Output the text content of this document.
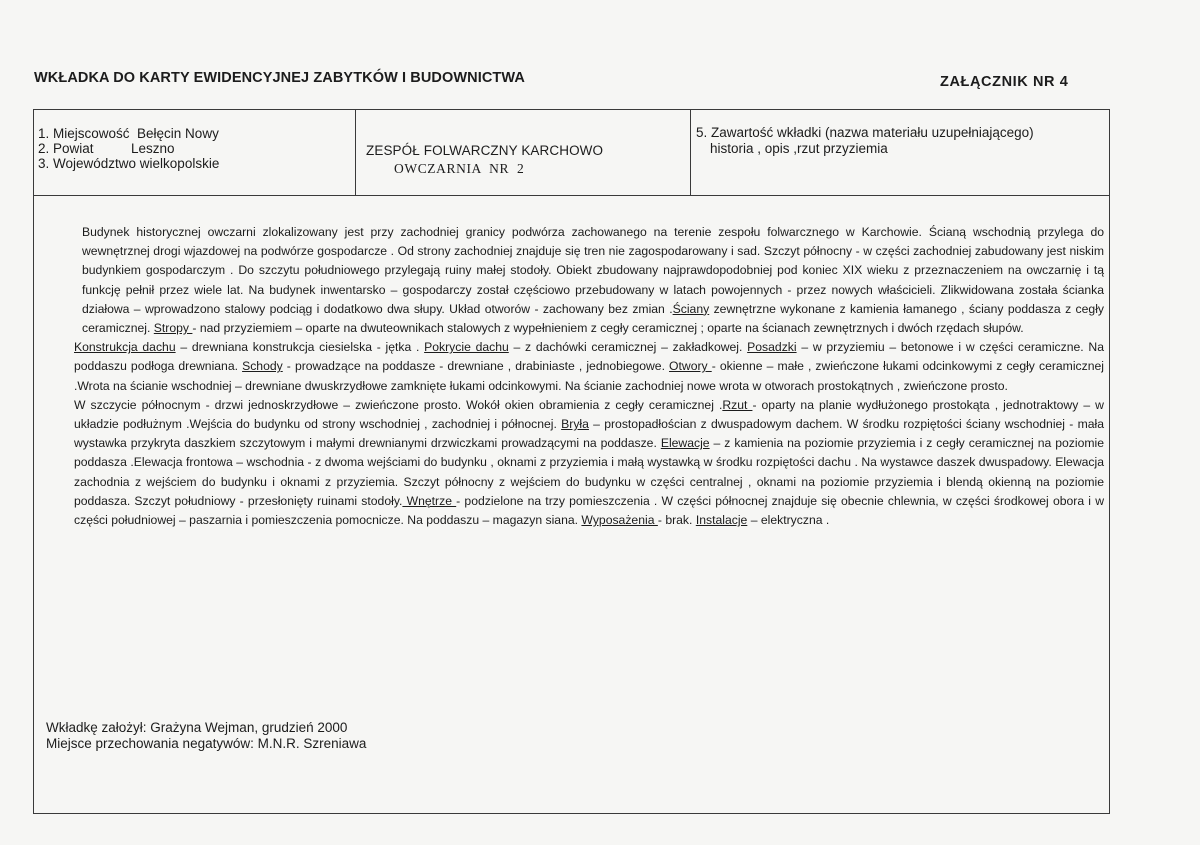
WKŁADKA DO KARTY EWIDENCYJNEJ ZABYTKÓW I BUDOWNICTWA	ZAŁĄCZNIK NR 4
1. Miejscowość  Bełęcin Nowy
2. Powiat          Leszno
3. Województwo wielkopolskie
ZESPÓŁ FOLWARCZNY KARCHOWO
OWCZARNIA  NR  2
5. Zawartość wkładki (nazwa materiału uzupełniającego)
historia , opis ,rzut przyziemia

Budynek historycznej owczarni zlokalizowany jest przy zachodniej granicy podwórza zachowanego na terenie zespołu folwarcznego w Karchowie. Ścianą wschodnią przylega do wewnętrznej drogi wjazdowej na podwórze gospodarcze . Od strony zachodniej znajduje się tren nie zagospodarowany i sad. Szczyt północny - w części zachodniej zabudowany jest niskim budynkiem gospodarczym . Do szczytu południowego przylegają ruiny małej stodoły. Obiekt zbudowany najprawdopodobniej pod koniec XIX wieku z przeznaczeniem na owczarnię i tą funkcję pełnił przez wiele lat. Na budynek inwentarsko – gospodarczy został częściowo przebudowany w latach powojennych - przez nowych właścicieli. Zlikwidowana została ścianka działowa – wprowadzono stalowy podciąg i dodatkowo dwa słupy. Układ otworów - zachowany bez zmian .Ściany zewnętrzne wykonane z kamienia łamanego , ściany poddasza z cegły ceramicznej. Stropy - nad przyziemiem – oparte na dwuteownikach stalowych z wypełnieniem z cegły ceramicznej ; oparte na ścianach zewnętrznych i dwóch rzędach słupów.

Konstrukcja dachu – drewniana konstrukcja ciesielska - jętka . Pokrycie dachu – z dachówki ceramicznej – zakładkowej. Posadzki – w przyziemiu – betonowe i w części ceramiczne. Na poddaszu podłoga drewniana. Schody - prowadzące na poddasze - drewniane , drabiniaste , jednobiegowe. Otwory - okienne – małe , zwieńczone łukami odcinkowymi z cegły ceramicznej .Wrota na ścianie wschodniej – drewniane dwuskrzydłowe zamknięte łukami odcinkowymi. Na ścianie zachodniej nowe wrota w otworach prostokątnych , zwieńczone prosto.

W szczycie północnym - drzwi jednoskrzydłowe – zwieńczone prosto. Wokół okien obramienia z cegły ceramicznej .Rzut - oparty na planie wydłużonego prostokąta , jednotraktowy – w układzie podłużnym .Wejścia do budynku od strony wschodniej , zachodniej i północnej. Bryła – prostopadłościan z dwuspadowym dachem. W środku rozpiętości ściany wschodniej - mała wystawka przykryta daszkiem szczytowym i małymi drewnianymi drzwiczkami prowadzącymi na poddasze. Elewacje – z kamienia na poziomie przyziemia i z cegły ceramicznej na poziomie poddasza .Elewacja frontowa – wschodnia - z dwoma wejściami do budynku , oknami z przyziemia i małą wystawką w środku rozpiętości dachu . Na wystawce daszek dwuspadowy. Elewacja zachodnia z wejściem do budynku i oknami z przyziemia. Szczyt północny z wejściem do budynku w części centralnej , oknami na poziomie przyziemia i blendą okienną na poziomie poddasza. Szczyt południowy - przesłonięty ruinami stodoły. Wnętrze - podzielone na trzy pomieszczenia . W części północnej znajduje się obecnie chlewnia, w części środkowej obora i w części południowej – paszarnia i pomieszczenia pomocnicze. Na poddaszu – magazyn siana. Wyposażenia - brak. Instalacje – elektryczna .

Wkładkę założył: Grażyna Wejman, grudzień 2000
Miejsce przechowania negatywów: M.N.R. Szreniawa
